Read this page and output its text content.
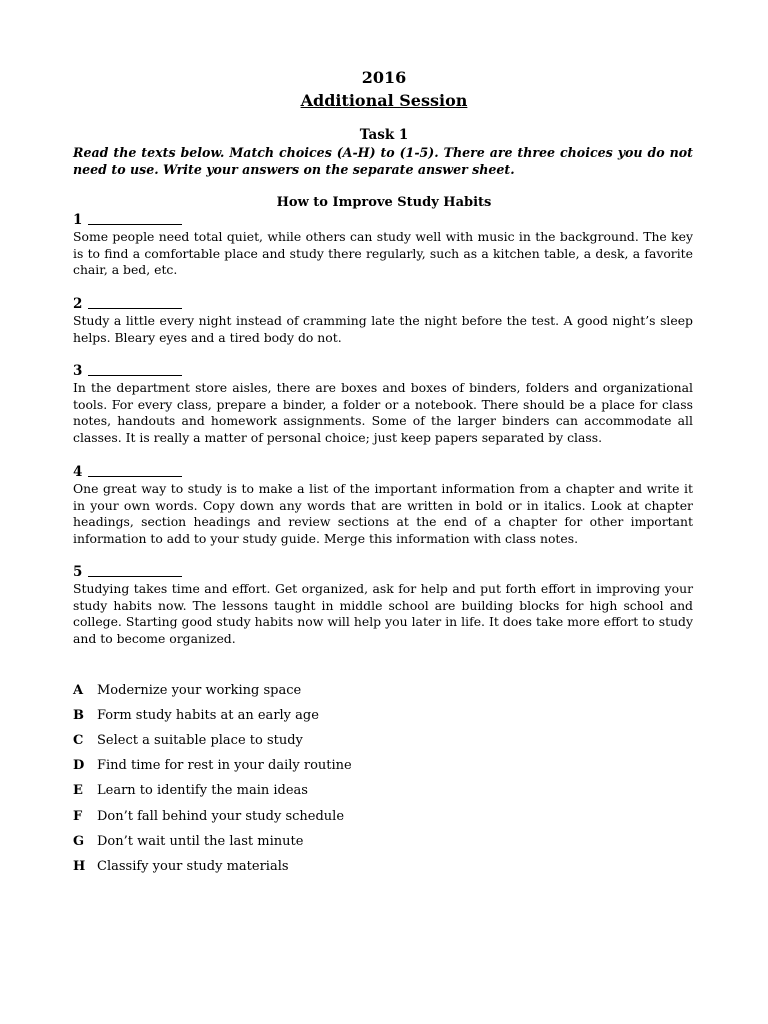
2016
Additional Session
Task 1
Read the texts below. Match choices (A-H) to (1-5). There are three choices you do not need to use. Write your answers on the separate answer sheet.
How to Improve Study Habits
1
Some people need total quiet, while others can study well with music in the background. The key is to find a comfortable place and study there regularly, such as a kitchen table, a desk, a favorite chair, a bed, etc.
2
Study a little every night instead of cramming late the night before the test. A good night’s sleep helps. Bleary eyes and a tired body do not.
3
In the department store aisles, there are boxes and boxes of binders, folders and organizational tools. For every class, prepare a binder, a folder or a notebook. There should be a place for class notes, handouts and homework assignments. Some of the larger binders can accommodate all classes. It is really a matter of personal choice; just keep papers separated by class.
4
One great way to study is to make a list of the important information from a chapter and write it in your own words. Copy down any words that are written in bold or in italics. Look at chapter headings, section headings and review sections at the end of a chapter for other important information to add to your study guide. Merge this information with class notes.
5
Studying takes time and effort. Get organized, ask for help and put forth effort in improving your study habits now. The lessons taught in middle school are building blocks for high school and college. Starting good study habits now will help you later in life. It does take more effort to study and to become organized.
A Modernize your working space
B Form study habits at an early age
C Select a suitable place to study
D Find time for rest in your daily routine
E Learn to identify the main ideas
F Don’t fall behind your study schedule
G Don’t wait until the last minute
H Classify your study materials
